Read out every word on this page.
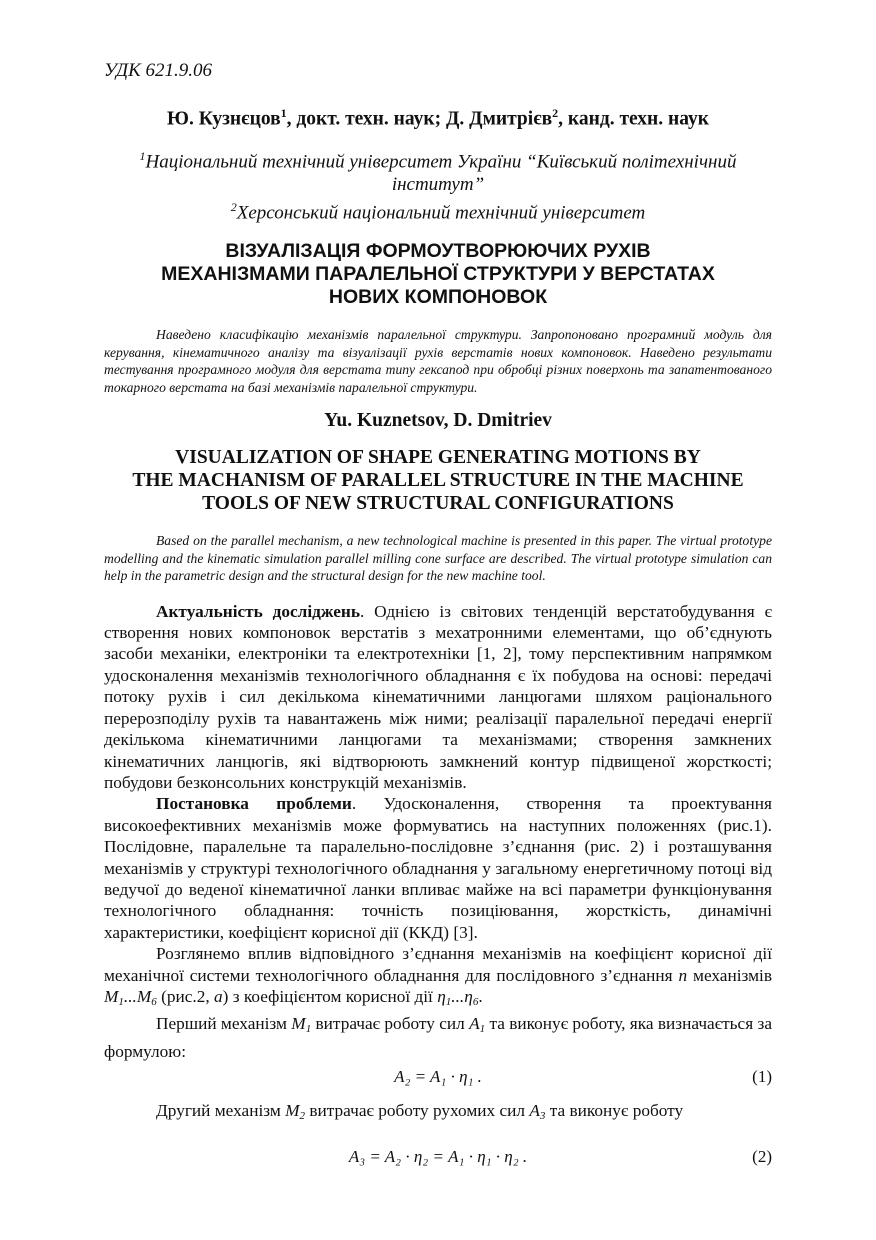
УДК 621.9.06

Ю. Кузнєцов$^1$, докт. техн. наук; Д. Дмитрієв$^2$, канд. техн. наук

$^1$Національний технічний університет України “Київський політехнічний інститут”
$^2$Херсонський національний технічний університет

ВІЗУАЛІЗАЦІЯ ФОРМОУТВОРЮЮЧИХ РУХІВ
МЕХАНІЗМАМИ ПАРАЛЕЛЬНОЇ СТРУКТУРИ У ВЕРСТАТАХ
НОВИХ КОМПОНОВОК

Наведено класифікацію механізмів паралельної структури. Запропоновано програмний модуль для керування, кінематичного аналізу та візуалізації рухів верстатів нових компоновок. Наведено результати тестування програмного модуля для верстата типу гексапод при обробці різних поверхонь та запатентованого токарного верстата на базі механізмів паралельної структури.

Yu. Kuznetsov, D. Dmitriev

VISUALIZATION OF SHAPE GENERATING MOTIONS BY
THE MACHANISM OF PARALLEL STRUCTURE IN THE MACHINE
TOOLS OF NEW STRUCTURAL CONFIGURATIONS

Based on the parallel mechanism, a new technological machine is presented in this paper. The virtual prototype modelling and the kinematic simulation parallel milling cone surface are described. The virtual prototype simulation can help in the parametric design and the structural design for the new machine tool.

Актуальність досліджень. Однією із світових тенденцій верстатобудування є створення нових компоновок верстатів з мехатронними елементами, що об’єднують засоби механіки, електроніки та електротехніки [1, 2], тому перспективним напрямком удосконалення механізмів технологічного обладнання є їх побудова на основі: передачі потоку рухів і сил декількома кінематичними ланцюгами шляхом раціонального перерозподілу рухів та навантажень між ними; реалізації паралельної передачі енергії декількома кінематичними ланцюгами та механізмами; створення замкнених кінематичних ланцюгів, які відтворюють замкнений контур підвищеної жорсткості; побудови безконсольних конструкцій механізмів.

Постановка проблеми. Удосконалення, створення та проектування високоефективних механізмів може формуватись на наступних положеннях (рис.1). Послідовне, паралельне та паралельно-послідовне з’єднання (рис. 2) і розташування механізмів у структурі технологічного обладнання у загальному енергетичному потоці від ведучої до веденої кінематичної ланки впливає майже на всі параметри функціонування технологічного обладнання: точність позиціювання, жорсткість, динамічні характеристики, коефіцієнт корисної дії (ККД) [3].

Розглянемо вплив відповідного з’єднання механізмів на коефіцієнт корисної дії механічної системи технологічного обладнання для послідовного з’єднання n механізмів $M_1...M_6$ (рис.2, а) з коефіцієнтом корисної дії $\eta_1...\eta_6$.

Перший механізм $M_1$ витрачає роботу сил $A_1$ та виконує роботу, яка визначається за формулою:

A₂ = A₁ · η₁ .	(1)

Другий механізм $M_2$ витрачає роботу рухомих сил $A_3$ та виконує роботу

A₃ = A₂ · η₂ = A₁ · η₁ · η₂ .	(2)
